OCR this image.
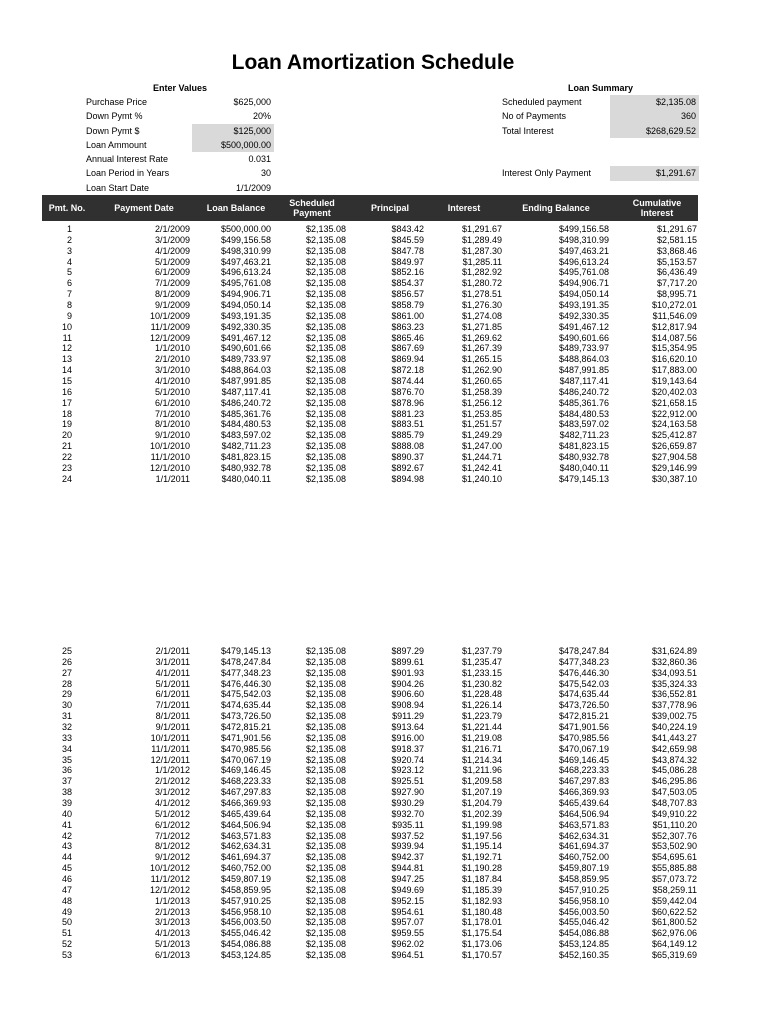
Loan Amortization Schedule
Enter Values
Purchase Price	$625,000
Down Pymt %	20%
Down Pymt $	$125,000
Loan Ammount	$500,000.00
Annual Interest Rate	0.031
Loan Period in Years	30
Loan Start Date	1/1/2009
Loan Summary
Scheduled payment	$2,135.08
No of Payments	360
Total Interest	$268,629.52
Interest Only Payment	$1,291.67
Pmt. No.	Payment Date	Loan Balance	Scheduled Payment	Principal	Interest	Ending Balance	Cumulative Interest
1	2/1/2009	$500,000.00	$2,135.08	$843.42	$1,291.67	$499,156.58	$1,291.67
2	3/1/2009	$499,156.58	$2,135.08	$845.59	$1,289.49	$498,310.99	$2,581.15
3	4/1/2009	$498,310.99	$2,135.08	$847.78	$1,287.30	$497,463.21	$3,868.46
4	5/1/2009	$497,463.21	$2,135.08	$849.97	$1,285.11	$496,613.24	$5,153.57
5	6/1/2009	$496,613.24	$2,135.08	$852.16	$1,282.92	$495,761.08	$6,436.49
6	7/1/2009	$495,761.08	$2,135.08	$854.37	$1,280.72	$494,906.71	$7,717.20
7	8/1/2009	$494,906.71	$2,135.08	$856.57	$1,278.51	$494,050.14	$8,995.71
8	9/1/2009	$494,050.14	$2,135.08	$858.79	$1,276.30	$493,191.35	$10,272.01
9	10/1/2009	$493,191.35	$2,135.08	$861.00	$1,274.08	$492,330.35	$11,546.09
10	11/1/2009	$492,330.35	$2,135.08	$863.23	$1,271.85	$491,467.12	$12,817.94
11	12/1/2009	$491,467.12	$2,135.08	$865.46	$1,269.62	$490,601.66	$14,087.56
12	1/1/2010	$490,601.66	$2,135.08	$867.69	$1,267.39	$489,733.97	$15,354.95
13	2/1/2010	$489,733.97	$2,135.08	$869.94	$1,265.15	$488,864.03	$16,620.10
14	3/1/2010	$488,864.03	$2,135.08	$872.18	$1,262.90	$487,991.85	$17,883.00
15	4/1/2010	$487,991.85	$2,135.08	$874.44	$1,260.65	$487,117.41	$19,143.64
16	5/1/2010	$487,117.41	$2,135.08	$876.70	$1,258.39	$486,240.72	$20,402.03
17	6/1/2010	$486,240.72	$2,135.08	$878.96	$1,256.12	$485,361.76	$21,658.15
18	7/1/2010	$485,361.76	$2,135.08	$881.23	$1,253.85	$484,480.53	$22,912.00
19	8/1/2010	$484,480.53	$2,135.08	$883.51	$1,251.57	$483,597.02	$24,163.58
20	9/1/2010	$483,597.02	$2,135.08	$885.79	$1,249.29	$482,711.23	$25,412.87
21	10/1/2010	$482,711.23	$2,135.08	$888.08	$1,247.00	$481,823.15	$26,659.87
22	11/1/2010	$481,823.15	$2,135.08	$890.37	$1,244.71	$480,932.78	$27,904.58
23	12/1/2010	$480,932.78	$2,135.08	$892.67	$1,242.41	$480,040.11	$29,146.99
24	1/1/2011	$480,040.11	$2,135.08	$894.98	$1,240.10	$479,145.13	$30,387.10
25	2/1/2011	$479,145.13	$2,135.08	$897.29	$1,237.79	$478,247.84	$31,624.89
26	3/1/2011	$478,247.84	$2,135.08	$899.61	$1,235.47	$477,348.23	$32,860.36
27	4/1/2011	$477,348.23	$2,135.08	$901.93	$1,233.15	$476,446.30	$34,093.51
28	5/1/2011	$476,446.30	$2,135.08	$904.26	$1,230.82	$475,542.03	$35,324.33
29	6/1/2011	$475,542.03	$2,135.08	$906.60	$1,228.48	$474,635.44	$36,552.81
30	7/1/2011	$474,635.44	$2,135.08	$908.94	$1,226.14	$473,726.50	$37,778.96
31	8/1/2011	$473,726.50	$2,135.08	$911.29	$1,223.79	$472,815.21	$39,002.75
32	9/1/2011	$472,815.21	$2,135.08	$913.64	$1,221.44	$471,901.56	$40,224.19
33	10/1/2011	$471,901.56	$2,135.08	$916.00	$1,219.08	$470,985.56	$41,443.27
34	11/1/2011	$470,985.56	$2,135.08	$918.37	$1,216.71	$470,067.19	$42,659.98
35	12/1/2011	$470,067.19	$2,135.08	$920.74	$1,214.34	$469,146.45	$43,874.32
36	1/1/2012	$469,146.45	$2,135.08	$923.12	$1,211.96	$468,223.33	$45,086.28
37	2/1/2012	$468,223.33	$2,135.08	$925.51	$1,209.58	$467,297.83	$46,295.86
38	3/1/2012	$467,297.83	$2,135.08	$927.90	$1,207.19	$466,369.93	$47,503.05
39	4/1/2012	$466,369.93	$2,135.08	$930.29	$1,204.79	$465,439.64	$48,707.83
40	5/1/2012	$465,439.64	$2,135.08	$932.70	$1,202.39	$464,506.94	$49,910.22
41	6/1/2012	$464,506.94	$2,135.08	$935.11	$1,199.98	$463,571.83	$51,110.20
42	7/1/2012	$463,571.83	$2,135.08	$937.52	$1,197.56	$462,634.31	$52,307.76
43	8/1/2012	$462,634.31	$2,135.08	$939.94	$1,195.14	$461,694.37	$53,502.90
44	9/1/2012	$461,694.37	$2,135.08	$942.37	$1,192.71	$460,752.00	$54,695.61
45	10/1/2012	$460,752.00	$2,135.08	$944.81	$1,190.28	$459,807.19	$55,885.88
46	11/1/2012	$459,807.19	$2,135.08	$947.25	$1,187.84	$458,859.95	$57,073.72
47	12/1/2012	$458,859.95	$2,135.08	$949.69	$1,185.39	$457,910.25	$58,259.11
48	1/1/2013	$457,910.25	$2,135.08	$952.15	$1,182.93	$456,958.10	$59,442.04
49	2/1/2013	$456,958.10	$2,135.08	$954.61	$1,180.48	$456,003.50	$60,622.52
50	3/1/2013	$456,003.50	$2,135.08	$957.07	$1,178.01	$455,046.42	$61,800.52
51	4/1/2013	$455,046.42	$2,135.08	$959.55	$1,175.54	$454,086.88	$62,976.06
52	5/1/2013	$454,086.88	$2,135.08	$962.02	$1,173.06	$453,124.85	$64,149.12
53	6/1/2013	$453,124.85	$2,135.08	$964.51	$1,170.57	$452,160.35	$65,319.69
